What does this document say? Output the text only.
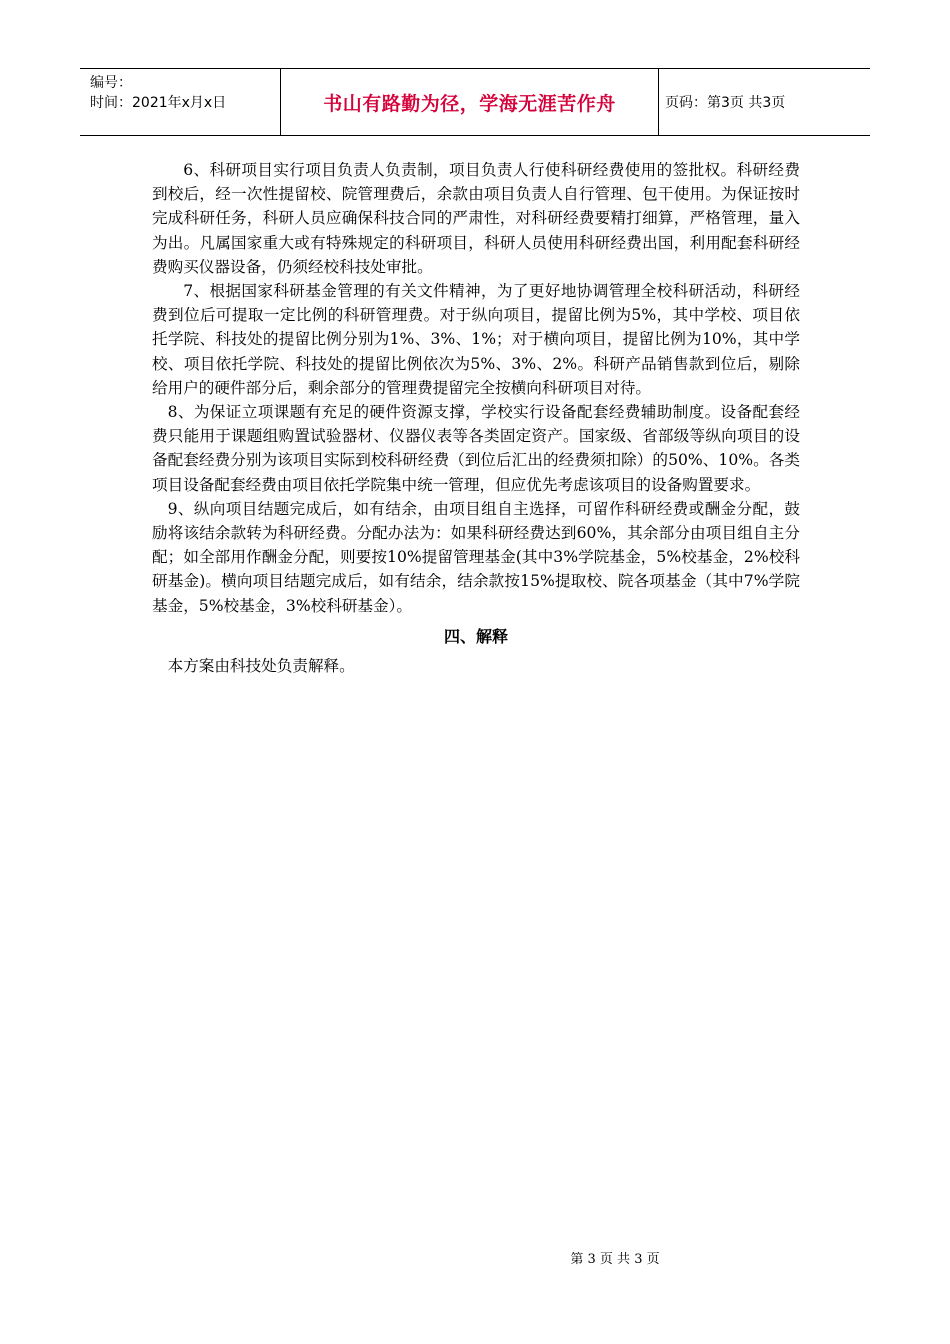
编号：
时间：2021年x月x日	书山有路勤为径，学海无涯苦作舟	页码：第3页 共3页

6、科研项目实行项目负责人负责制，项目负责人行使科研经费使用的签批权。科研经费到校后，经一次性提留校、院管理费后，余款由项目负责人自行管理、包干使用。为保证按时完成科研任务，科研人员应确保科技合同的严肃性，对科研经费要精打细算，严格管理，量入为出。凡属国家重大或有特殊规定的科研项目，科研人员使用科研经费出国，利用配套科研经费购买仪器设备，仍须经校科技处审批。

7、根据国家科研基金管理的有关文件精神，为了更好地协调管理全校科研活动，科研经费到位后可提取一定比例的科研管理费。对于纵向项目，提留比例为5%，其中学校、项目依托学院、科技处的提留比例分别为1%、3%、1%；对于横向项目，提留比例为10%，其中学校、项目依托学院、科技处的提留比例依次为5%、3%、2%。科研产品销售款到位后，剔除给用户的硬件部分后，剩余部分的管理费提留完全按横向科研项目对待。

8、为保证立项课题有充足的硬件资源支撑，学校实行设备配套经费辅助制度。设备配套经费只能用于课题组购置试验器材、仪器仪表等各类固定资产。国家级、省部级等纵向项目的设备配套经费分别为该项目实际到校科研经费（到位后汇出的经费须扣除）的50%、10%。各类项目设备配套经费由项目依托学院集中统一管理，但应优先考虑该项目的设备购置要求。

9、纵向项目结题完成后，如有结余，由项目组自主选择，可留作科研经费或酬金分配，鼓励将该结余款转为科研经费。分配办法为：如果科研经费达到60%，其余部分由项目组自主分配；如全部用作酬金分配，则要按10%提留管理基金(其中3%学院基金，5%校基金，2%校科研基金)。横向项目结题完成后，如有结余，结余款按15%提取校、院各项基金（其中7%学院基金，5%校基金，3%校科研基金）。

四、解释

本方案由科技处负责解释。

第 3 页 共 3 页
